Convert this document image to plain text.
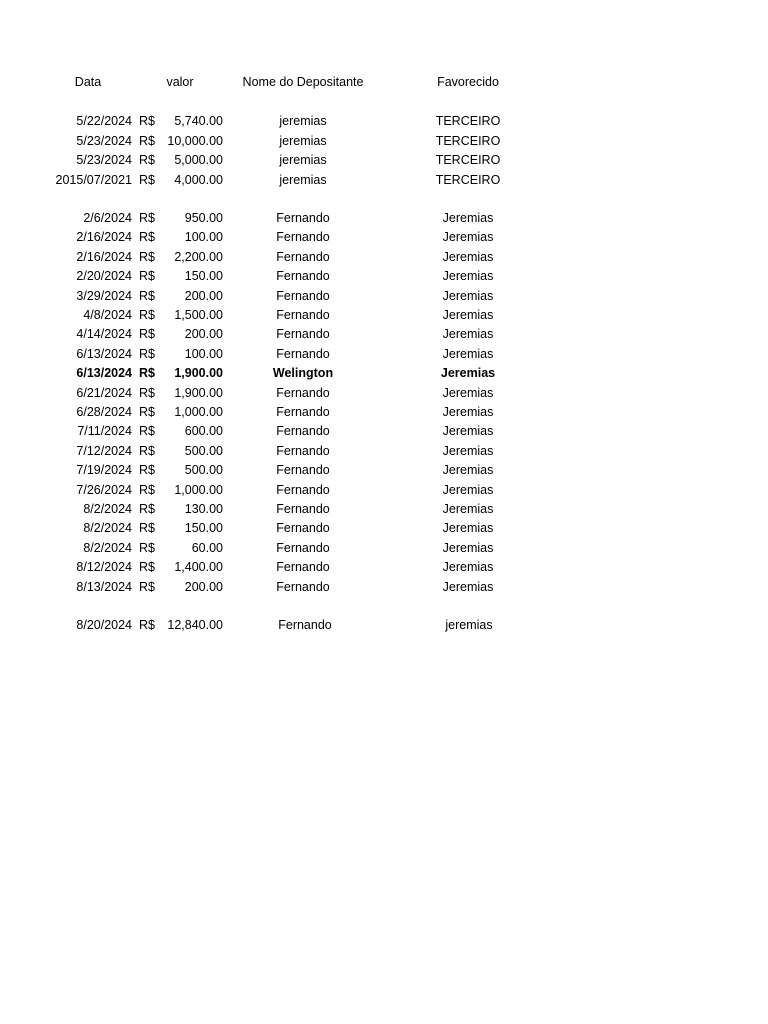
Data	valor	Nome do Depositante	Favorecido
5/22/2024 R$	5,740.00	jeremias	TERCEIRO
5/23/2024 R$ 10,000.00	jeremias	TERCEIRO
5/23/2024 R$	5,000.00	jeremias	TERCEIRO
2015/07/2021 R$	4,000.00	jeremias	TERCEIRO
2/6/2024 R$	950.00	Fernando	Jeremias
2/16/2024 R$	100.00	Fernando	Jeremias
2/16/2024 R$	2,200.00	Fernando	Jeremias
2/20/2024 R$	150.00	Fernando	Jeremias
3/29/2024 R$	200.00	Fernando	Jeremias
4/8/2024 R$	1,500.00	Fernando	Jeremias
4/14/2024 R$	200.00	Fernando	Jeremias
6/13/2024 R$	100.00	Fernando	Jeremias
6/13/2024 R$	1,900.00	Welington	Jeremias
6/21/2024 R$	1,900.00	Fernando	Jeremias
6/28/2024 R$	1,000.00	Fernando	Jeremias
7/11/2024 R$	600.00	Fernando	Jeremias
7/12/2024 R$	500.00	Fernando	Jeremias
7/19/2024 R$	500.00	Fernando	Jeremias
7/26/2024 R$	1,000.00	Fernando	Jeremias
8/2/2024 R$	130.00	Fernando	Jeremias
8/2/2024 R$	150.00	Fernando	Jeremias
8/2/2024 R$	60.00	Fernando	Jeremias
8/12/2024 R$	1,400.00	Fernando	Jeremias
8/13/2024 R$	200.00	Fernando	Jeremias
8/20/2024 R$ 12,840.00	Fernando	jeremias
